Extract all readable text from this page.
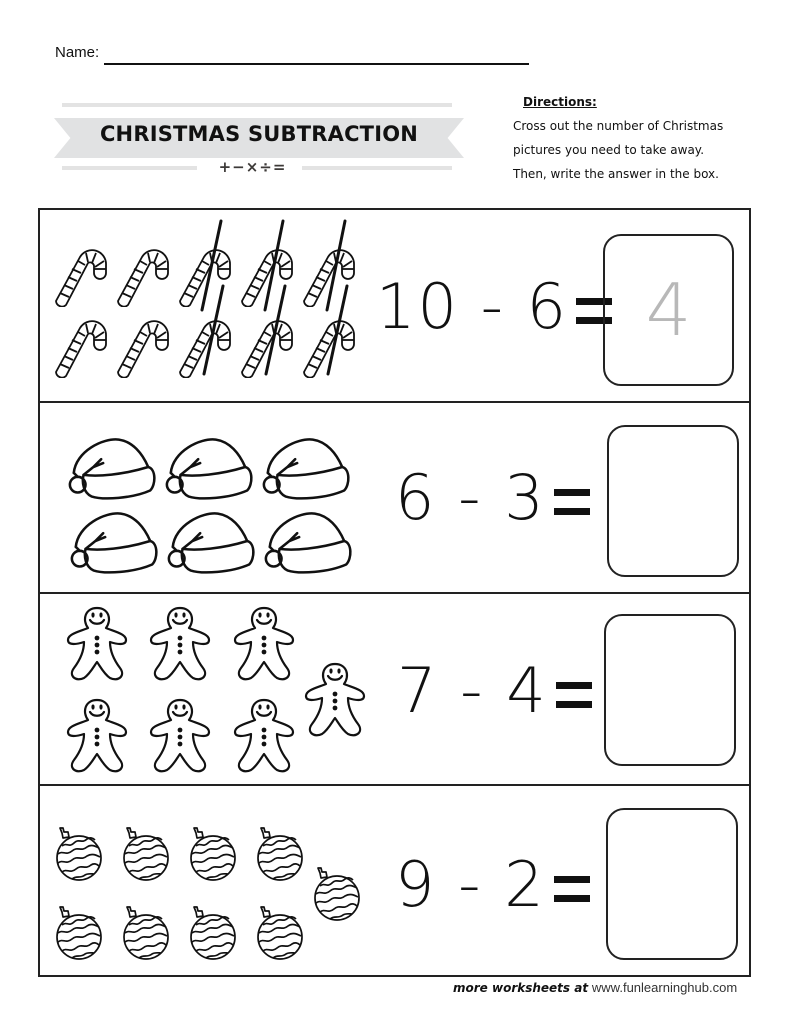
Name:
CHRISTMAS SUBTRACTION
+−×÷=
Directions:
Cross out the number of Christmas
pictures you need to take away.
Then, write the answer in the box.
10 - 6	4
6 - 3
7 - 4
9 - 2
more worksheets at www.funlearninghub.com
